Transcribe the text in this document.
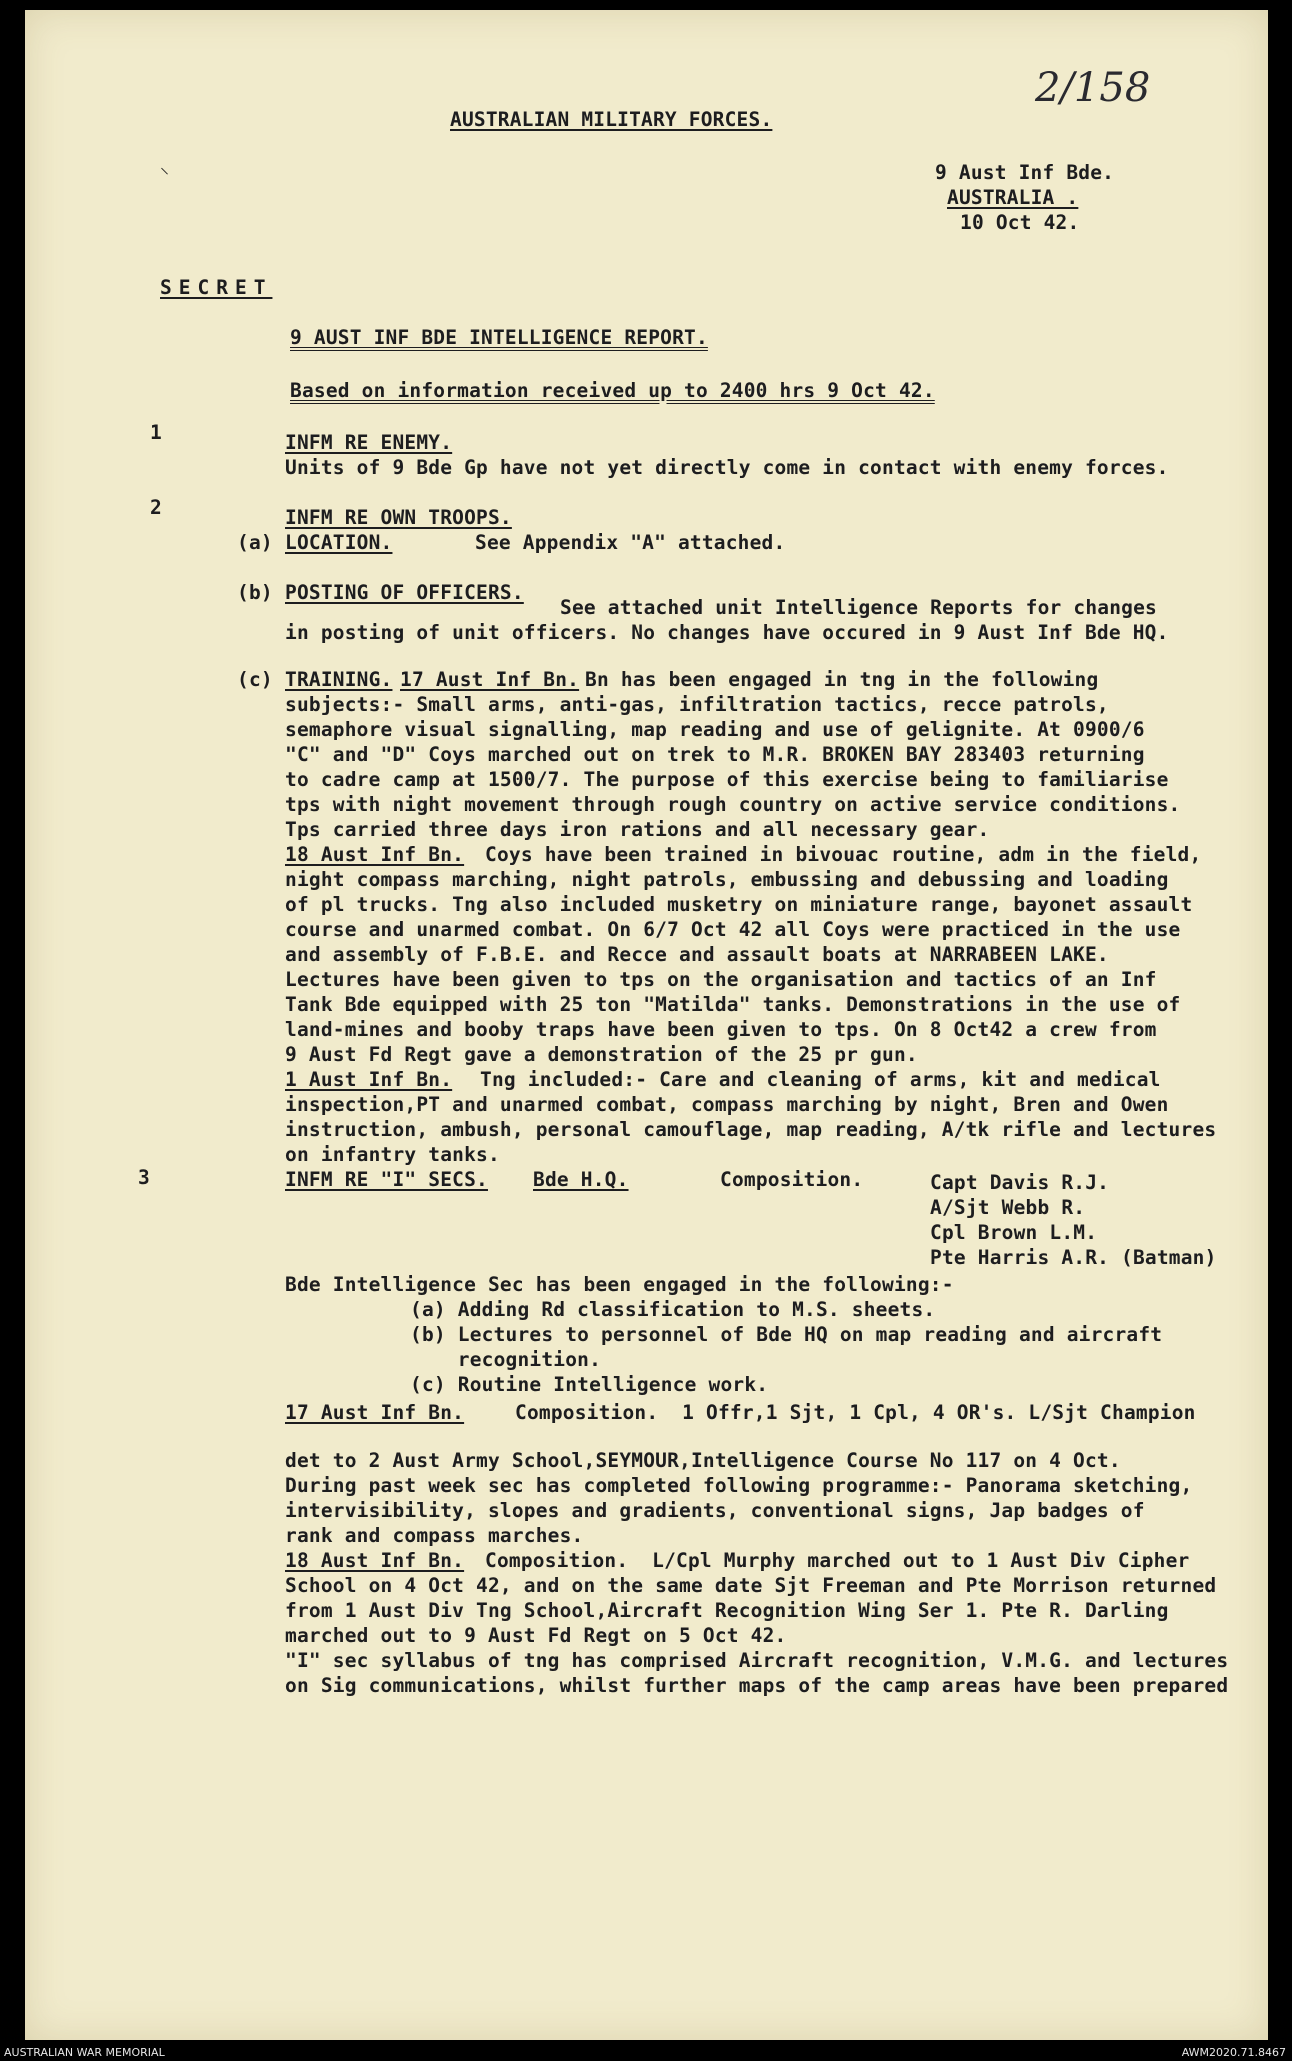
2/158
⸜
AUSTRALIAN MILITARY FORCES.
9 Aust Inf Bde.
AUSTRALIA .
10 Oct 42.
SECRET
9 AUST INF BDE INTELLIGENCE REPORT.
Based on information received up to 2400 hrs 9 Oct 42.
1	INFM RE ENEMY.
Units of 9 Bde Gp have not yet directly come in contact with enemy forces.
2	INFM RE OWN TROOPS.
(a) LOCATION.	See Appendix "A" attached.
(b) POSTING OF OFFICERS.
See attached unit Intelligence Reports for changes
in posting of unit officers. No changes have occured in 9 Aust Inf Bde HQ.
(c) TRAINING. 17 Aust Inf Bn. Bn has been engaged in tng in the following
subjects:- Small arms, anti-gas, infiltration tactics, recce patrols,
semaphore visual signalling, map reading and use of gelignite. At 0900/6
"C" and "D" Coys marched out on trek to M.R. BROKEN BAY 283403 returning
to cadre camp at 1500/7. The purpose of this exercise being to familiarise
tps with night movement through rough country on active service conditions.
Tps carried three days iron rations and all necessary gear.
18 Aust Inf Bn. Coys have been trained in bivouac routine, adm in the field,
night compass marching, night patrols, embussing and debussing and loading
of pl trucks. Tng also included musketry on miniature range, bayonet assault
course and unarmed combat. On 6/7 Oct 42 all Coys were practiced in the use
and assembly of F.B.E. and Recce and assault boats at NARRABEEN LAKE.
Lectures have been given to tps on the organisation and tactics of an Inf
Tank Bde equipped with 25 ton "Matilda" tanks. Demonstrations in the use of
land-mines and booby traps have been given to tps. On 8 Oct42 a crew from
9 Aust Fd Regt gave a demonstration of the 25 pr gun.
1 Aust Inf Bn. Tng included:- Care and cleaning of arms, kit and medical
inspection,PT and unarmed combat, compass marching by night, Bren and Owen
instruction, ambush, personal camouflage, map reading, A/tk rifle and lectures
on infantry tanks.
3	INFM RE "I" SECS. Bde H.Q.	Composition.	Capt Davis R.J.
A/Sjt Webb R.
Cpl Brown L.M.
Pte Harris A.R. (Batman)
Bde Intelligence Sec has been engaged in the following:-
(a) Adding Rd classification to M.S. sheets.
(b) Lectures to personnel of Bde HQ on map reading and aircraft
recognition.
(c) Routine Intelligence work.
17 Aust Inf Bn.	Composition.  1 Offr,1 Sjt, 1 Cpl, 4 OR's. L/Sjt Champion
det to 2 Aust Army School,SEYMOUR,Intelligence Course No 117 on 4 Oct.
During past week sec has completed following programme:- Panorama sketching,
intervisibility, slopes and gradients, conventional signs, Jap badges of
rank and compass marches.
18 Aust Inf Bn. Composition.  L/Cpl Murphy marched out to 1 Aust Div Cipher
School on 4 Oct 42, and on the same date Sjt Freeman and Pte Morrison returned
from 1 Aust Div Tng School,Aircraft Recognition Wing Ser 1. Pte R. Darling
marched out to 9 Aust Fd Regt on 5 Oct 42.
"I" sec syllabus of tng has comprised Aircraft recognition, V.M.G. and lectures
on Sig communications, whilst further maps of the camp areas have been prepared
AUSTRALIAN WAR MEMORIAL	AWM2020.71.8467
